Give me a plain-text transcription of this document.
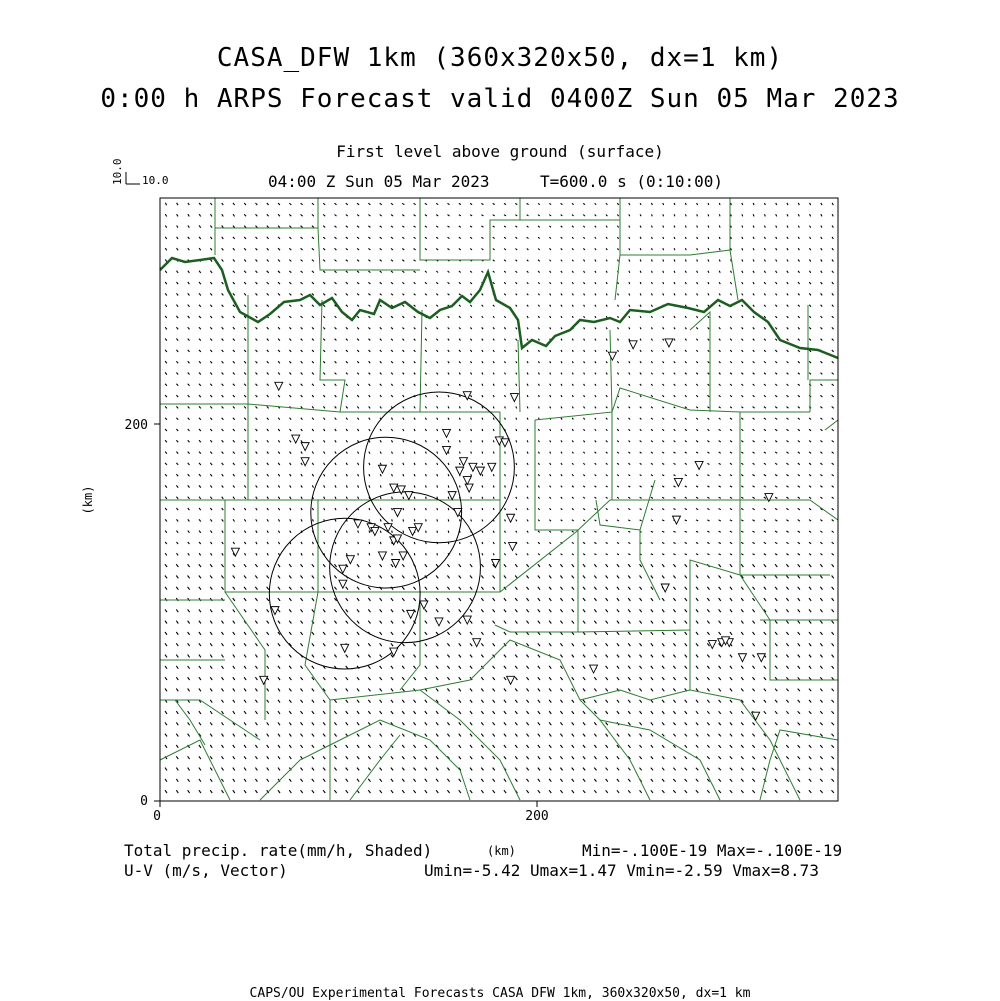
CASA_DFW 1km (360x320x50, dx=1 km)
0:00 h ARPS Forecast valid 0400Z Sun 05 Mar 2023
First level above ground (surface)
04:00 Z Sun 05 Mar 2023	T=600.0 s (0:10:00)
10.0 10.0
0	200
0
200
(km)
Total precip. rate(mm/h, Shaded)
U-V (m/s, Vector)
(km)	Min=-.100E-19 Max=-.100E-19
Umin=-5.42 Umax=1.47 Vmin=-2.59 Vmax=8.73
CAPS/OU Experimental Forecasts CASA DFW 1km, 360x320x50, dx=1 km
